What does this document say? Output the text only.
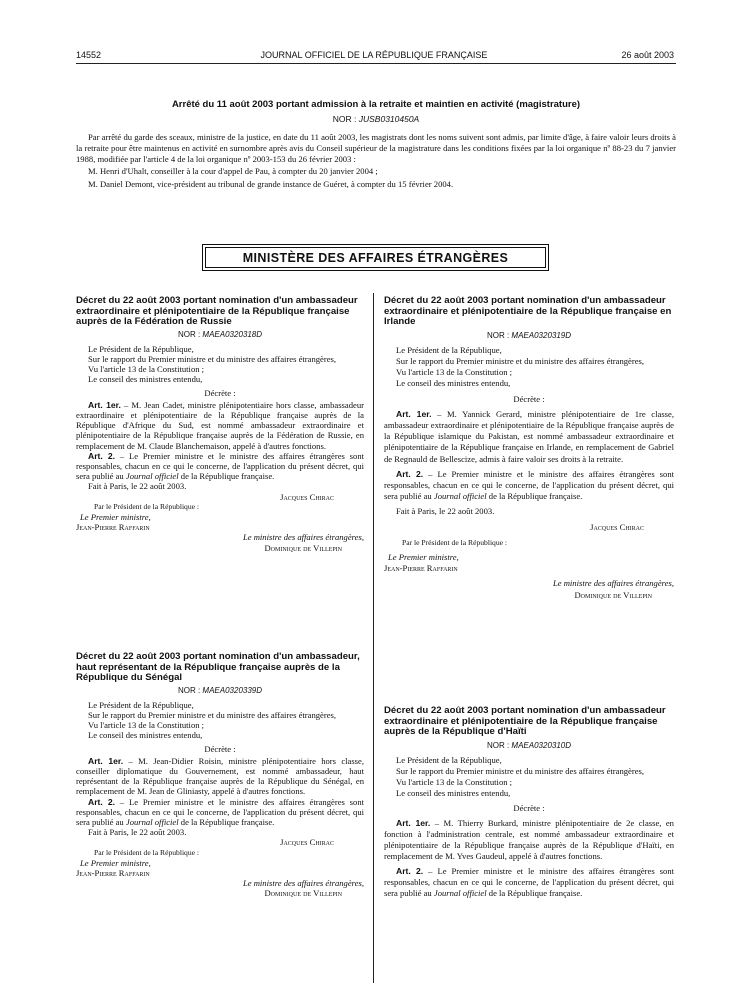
14552	JOURNAL OFFICIEL DE LA RÉPUBLIQUE FRANÇAISE	26 août 2003
Arrêté du 11 août 2003 portant admission à la retraite et maintien en activité (magistrature)
NOR : JUSB0310450A

Par arrêté du garde des sceaux, ministre de la justice, en date du 11 août 2003, les magistrats dont les noms suivent sont admis, par limite d'âge, à faire valoir leurs droits à la retraite pour être maintenus en activité en surnombre après avis du Conseil supérieur de la magistrature dans les conditions fixées par la loi organique nº 88-23 du 7 janvier 1988, modifiée par l'article 4 de la loi organique nº 2003-153 du 26 février 2003 :

M. Henri d'Uhalt, conseiller à la cour d'appel de Pau, à compter du 20 janvier 2004 ;

M. Daniel Demont, vice-président au tribunal de grande instance de Guéret, à compter du 15 février 2004.

MINISTÈRE DES AFFAIRES ÉTRANGÈRES
Décret du 22 août 2003 portant nomination d'un ambassadeur extraordinaire et plénipotentiaire de la République française auprès de la Fédération de Russie
NOR : MAEA0320318D

Le Président de la République,

Sur le rapport du Premier ministre et du ministre des affaires étrangères,

Vu l'article 13 de la Constitution ;

Le conseil des ministres entendu,

Décrète :

Art. 1er. – M. Jean Cadet, ministre plénipotentiaire hors classe, ambassadeur extraordinaire et plénipotentiaire de la République française auprès de la République d'Afrique du Sud, est nommé ambassadeur extraordinaire et plénipotentiaire de la République française auprès de la Fédération de Russie, en remplacement de M. Claude Blanchemaison, appelé à d'autres fonctions.

Art. 2. – Le Premier ministre et le ministre des affaires étrangères sont responsables, chacun en ce qui le concerne, de l'application du présent décret, qui sera publié au Journal officiel de la République française.

Fait à Paris, le 22 août 2003.

Jacques Chirac

Par le Président de la République :

Le Premier ministre,

Jean-Pierre Raffarin

Le ministre des affaires étrangères,

Dominique de Villepin

Décret du 22 août 2003 portant nomination d'un ambassadeur, haut représentant de la République française auprès de la République du Sénégal
NOR : MAEA0320339D

Le Président de la République,

Sur le rapport du Premier ministre et du ministre des affaires étrangères,

Vu l'article 13 de la Constitution ;

Le conseil des ministres entendu,

Décrète :

Art. 1er. – M. Jean-Didier Roisin, ministre plénipotentiaire hors classe, conseiller diplomatique du Gouvernement, est nommé ambassadeur, haut représentant de la République française auprès de la République du Sénégal, en remplacement de M. Jean de Gliniasty, appelé à d'autres fonctions.

Art. 2. – Le Premier ministre et le ministre des affaires étrangères sont responsables, chacun en ce qui le concerne, de l'application du présent décret, qui sera publié au Journal officiel de la République française.

Fait à Paris, le 22 août 2003.

Jacques Chirac

Par le Président de la République :

Le Premier ministre,

Jean-Pierre Raffarin

Le ministre des affaires étrangères,

Dominique de Villepin

Décret du 22 août 2003 portant nomination d'un ambassadeur extraordinaire et plénipotentiaire de la République française en Irlande
NOR : MAEA0320319D

Le Président de la République,

Sur le rapport du Premier ministre et du ministre des affaires étrangères,

Vu l'article 13 de la Constitution ;

Le conseil des ministres entendu,

Décrète :

Art. 1er. – M. Yannick Gerard, ministre plénipotentiaire de 1re classe, ambassadeur extraordinaire et plénipotentiaire de la République française auprès de la République islamique du Pakistan, est nommé ambassadeur extraordinaire et plénipotentiaire de la République française en Irlande, en remplacement de Gabriel de Regnauld de Bellescize, admis à faire valoir ses droits à la retraite.

Art. 2. – Le Premier ministre et le ministre des affaires étrangères sont responsables, chacun en ce qui le concerne, de l'application du présent décret, qui sera publié au Journal officiel de la République française.

Fait à Paris, le 22 août 2003.

Jacques Chirac

Par le Président de la République :

Le Premier ministre,

Jean-Pierre Raffarin

Le ministre des affaires étrangères,

Dominique de Villepin

Décret du 22 août 2003 portant nomination d'un ambassadeur extraordinaire et plénipotentiaire de la République française auprès de la République d'Haïti
NOR : MAEA0320310D

Le Président de la République,

Sur le rapport du Premier ministre et du ministre des affaires étrangères,

Vu l'article 13 de la Constitution ;

Le conseil des ministres entendu,

Décrète :

Art. 1er. – M. Thierry Burkard, ministre plénipotentiaire de 2e classe, en fonction à l'administration centrale, est nommé ambassadeur extraordinaire et plénipotentiaire de la République française auprès de la République d'Haïti, en remplacement de M. Yves Gaudeul, appelé à d'autres fonctions.

Art. 2. – Le Premier ministre et le ministre des affaires étrangères sont responsables, chacun en ce qui le concerne, de l'application du présent décret, qui sera publié au Journal officiel de la République française.
